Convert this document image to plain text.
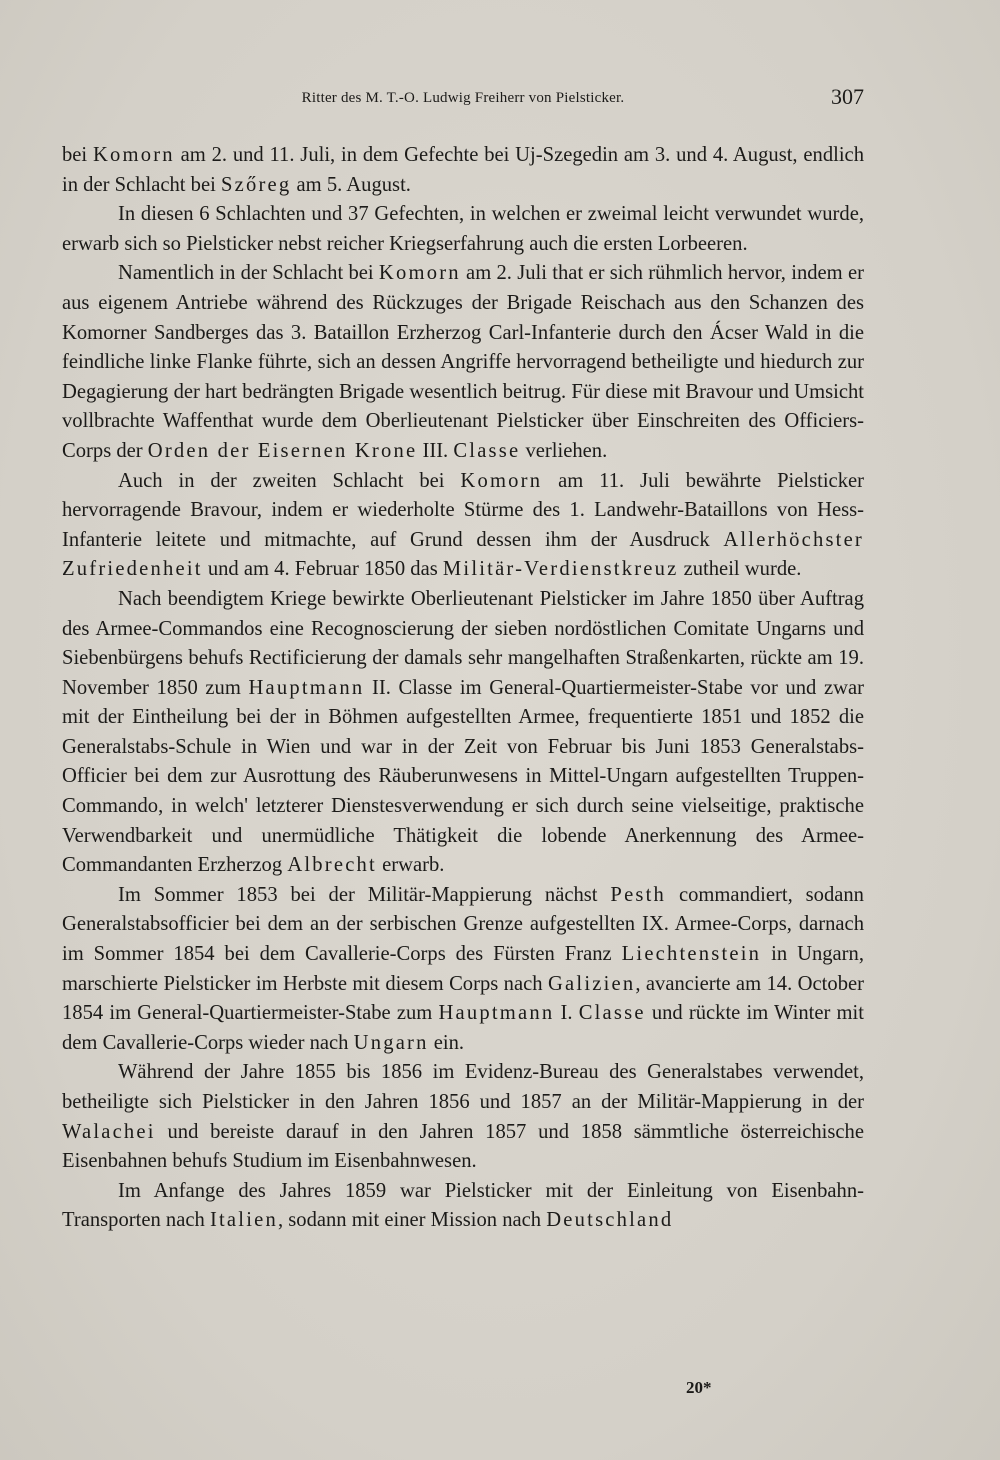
Ritter des M. T.-O. Ludwig Freiherr von Pielsticker.	307

bei Komorn am 2. und 11. Juli, in dem Gefechte bei Uj-Szegedin am 3. und 4. August, endlich in der Schlacht bei Szőreg am 5. August.

In diesen 6 Schlachten und 37 Gefechten, in welchen er zweimal leicht verwundet wurde, erwarb sich so Pielsticker nebst reicher Kriegserfahrung auch die ersten Lorbeeren.

Namentlich in der Schlacht bei Komorn am 2. Juli that er sich rühmlich hervor, indem er aus eigenem Antriebe während des Rückzuges der Brigade Reischach aus den Schanzen des Komorner Sandberges das 3. Bataillon Erzherzog Carl-Infanterie durch den Ácser Wald in die feindliche linke Flanke führte, sich an dessen Angriffe hervorragend betheiligte und hiedurch zur Degagierung der hart bedrängten Brigade wesentlich beitrug. Für diese mit Bravour und Umsicht vollbrachte Waffenthat wurde dem Oberlieutenant Pielsticker über Einschreiten des Officiers-Corps der Orden der Eisernen Krone III. Classe verliehen.

Auch in der zweiten Schlacht bei Komorn am 11. Juli bewährte Pielsticker hervorragende Bravour, indem er wiederholte Stürme des 1. Landwehr-Bataillons von Hess-Infanterie leitete und mitmachte, auf Grund dessen ihm der Ausdruck Allerhöchster Zufriedenheit und am 4. Februar 1850 das Militär-Verdienstkreuz zutheil wurde.

Nach beendigtem Kriege bewirkte Oberlieutenant Pielsticker im Jahre 1850 über Auftrag des Armee-Commandos eine Recognoscierung der sieben nordöstlichen Comitate Ungarns und Siebenbürgens behufs Rectificierung der damals sehr mangelhaften Straßenkarten, rückte am 19. November 1850 zum Hauptmann II. Classe im General-Quartiermeister-Stabe vor und zwar mit der Eintheilung bei der in Böhmen aufgestellten Armee, frequentierte 1851 und 1852 die Generalstabs-Schule in Wien und war in der Zeit von Februar bis Juni 1853 Generalstabs-Officier bei dem zur Ausrottung des Räuberunwesens in Mittel-Ungarn aufgestellten Truppen-Commando, in welch' letzterer Dienstesverwendung er sich durch seine vielseitige, praktische Verwendbarkeit und unermüdliche Thätigkeit die lobende Anerkennung des Armee-Commandanten Erzherzog Albrecht erwarb.

Im Sommer 1853 bei der Militär-Mappierung nächst Pesth commandiert, sodann Generalstabsofficier bei dem an der serbischen Grenze aufgestellten IX. Armee-Corps, darnach im Sommer 1854 bei dem Cavallerie-Corps des Fürsten Franz Liechtenstein in Ungarn, marschierte Pielsticker im Herbste mit diesem Corps nach Galizien, avancierte am 14. October 1854 im General-Quartiermeister-Stabe zum Hauptmann I. Classe und rückte im Winter mit dem Cavallerie-Corps wieder nach Ungarn ein.

Während der Jahre 1855 bis 1856 im Evidenz-Bureau des Generalstabes verwendet, betheiligte sich Pielsticker in den Jahren 1856 und 1857 an der Militär-Mappierung in der Walachei und bereiste darauf in den Jahren 1857 und 1858 sämmtliche österreichische Eisenbahnen behufs Studium im Eisenbahnwesen.

Im Anfange des Jahres 1859 war Pielsticker mit der Einleitung von Eisenbahn-Transporten nach Italien, sodann mit einer Mission nach Deutschland

20*
